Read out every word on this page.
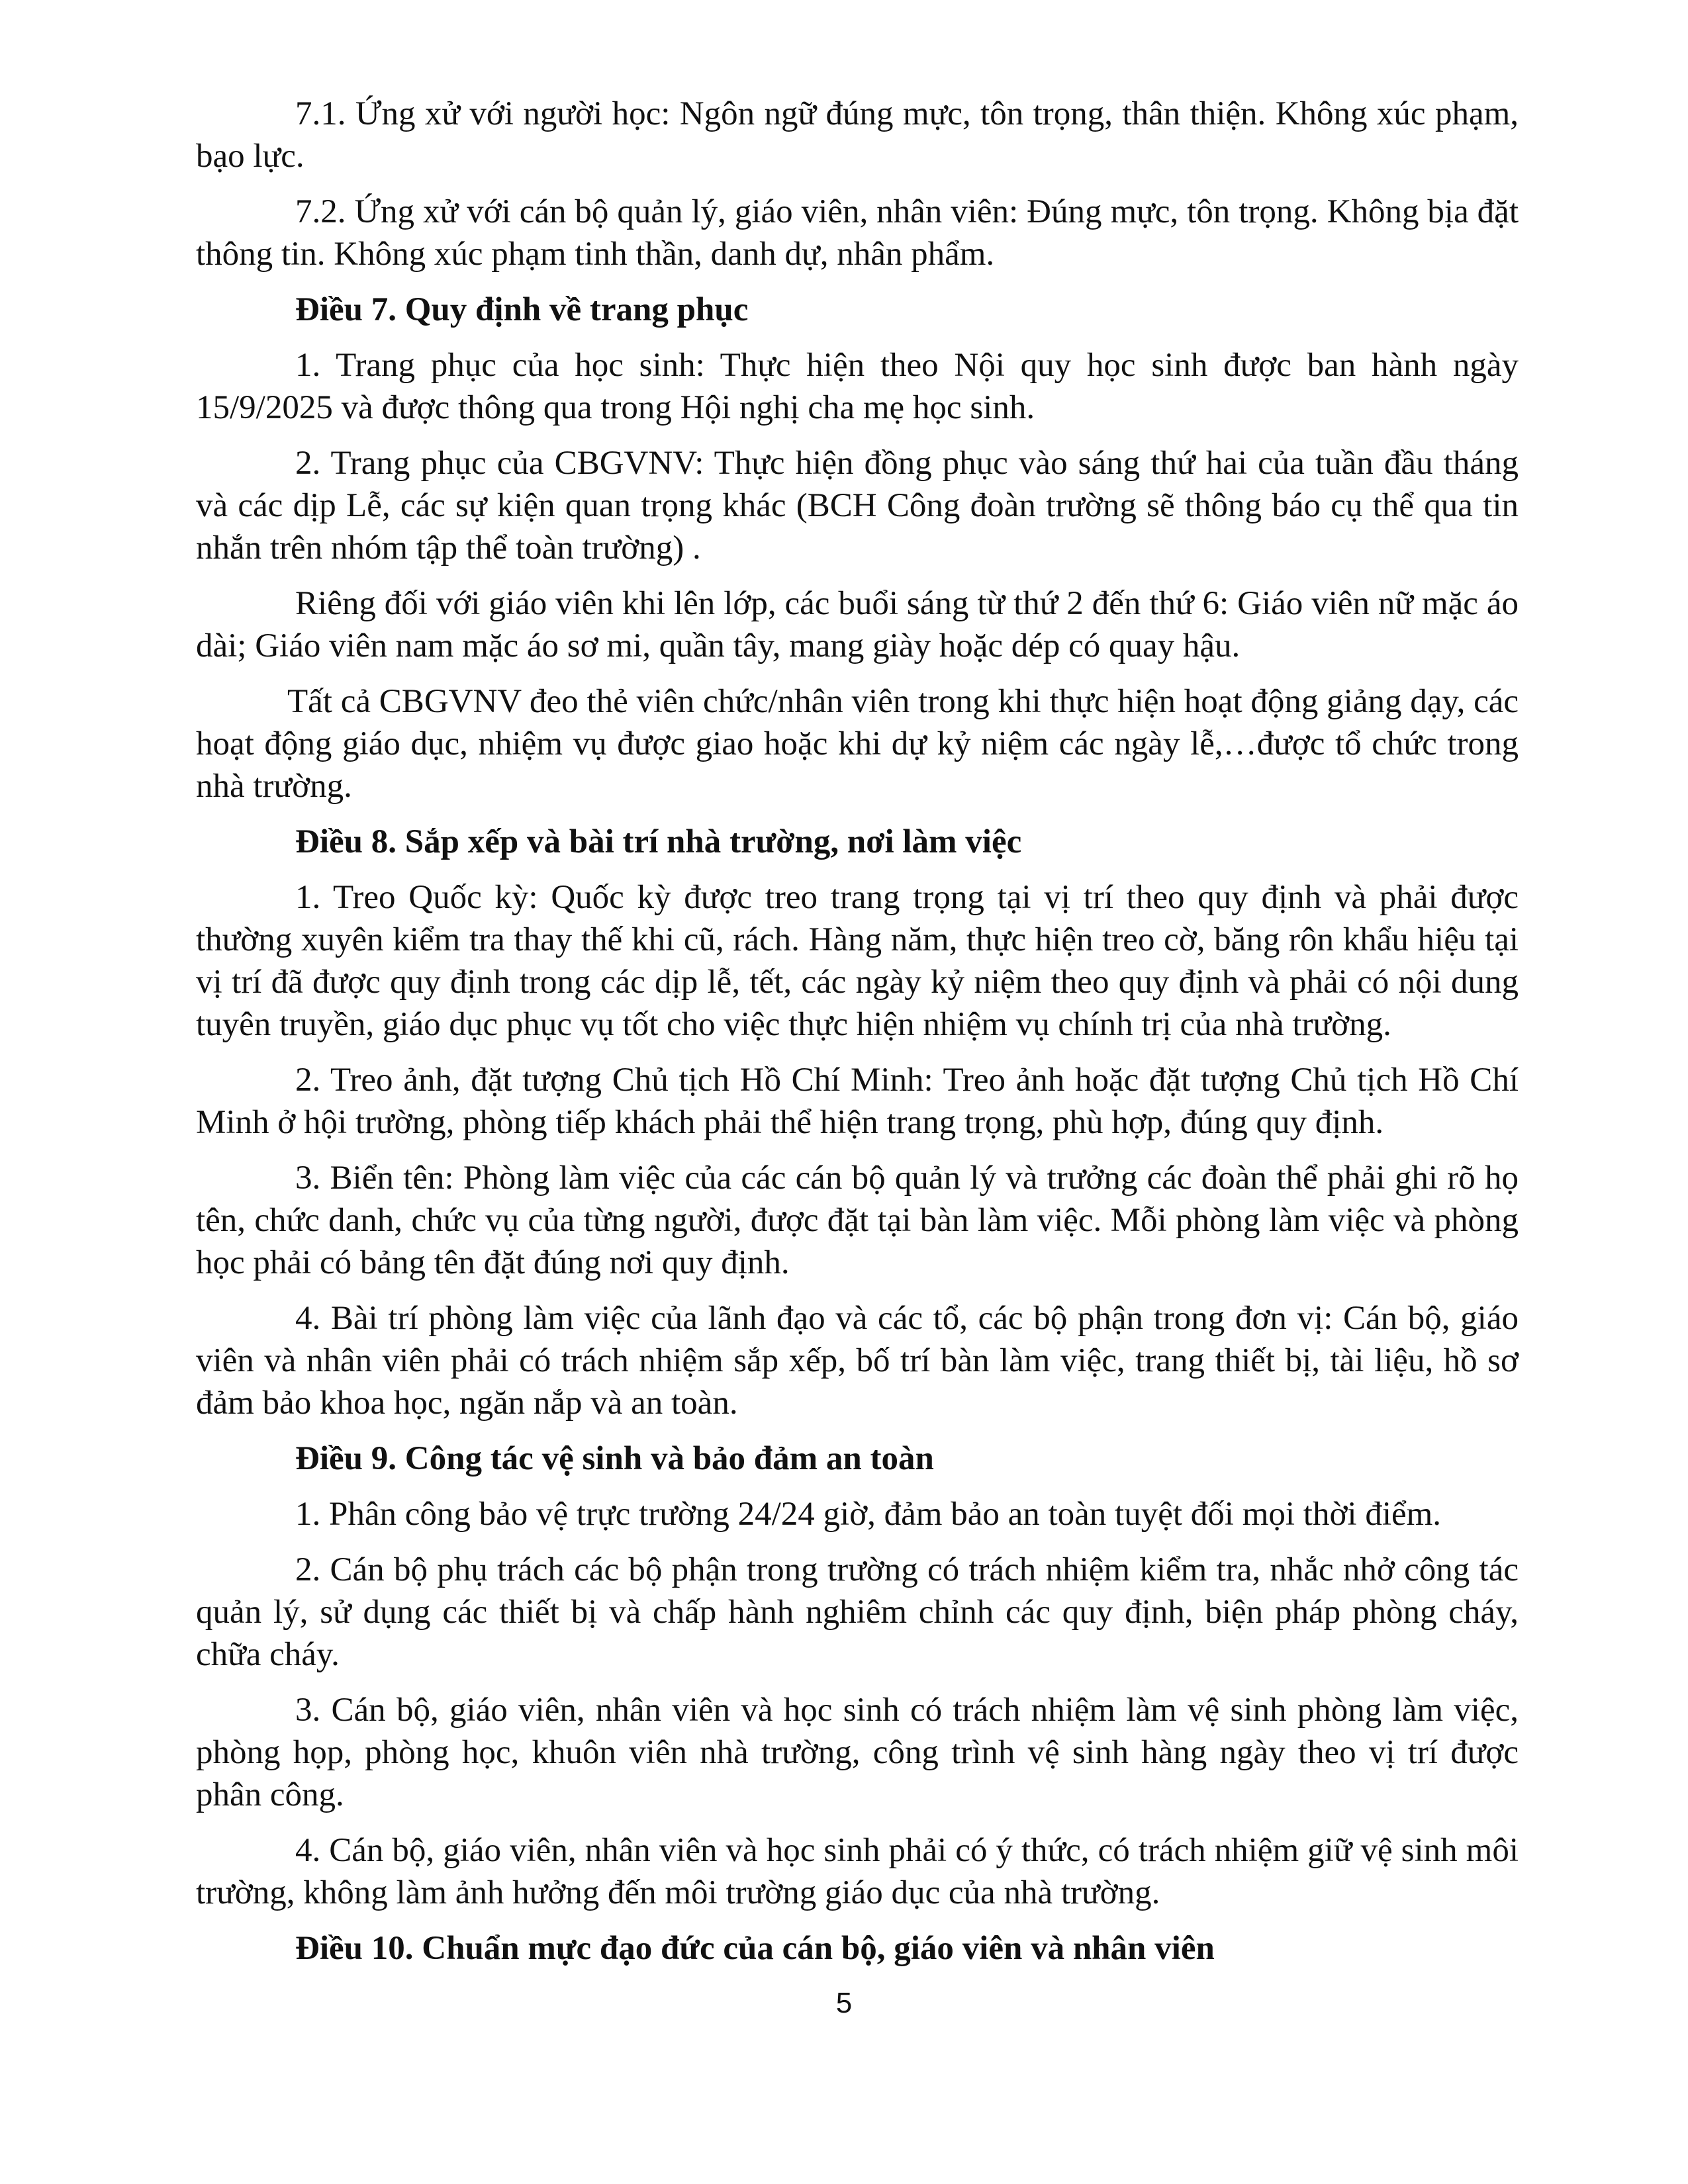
7.1. Ứng xử với người học: Ngôn ngữ đúng mực, tôn trọng, thân thiện. Không xúc phạm, bạo lực.

7.2. Ứng xử với cán bộ quản lý, giáo viên, nhân viên: Đúng mực, tôn trọng. Không bịa đặt thông tin. Không xúc phạm tinh thần, danh dự, nhân phẩm.

Điều 7. Quy định về trang phục

1. Trang phục của học sinh: Thực hiện theo Nội quy học sinh được ban hành ngày 15/9/2025 và được thông qua trong Hội nghị cha mẹ học sinh.

2. Trang phục của CBGVNV: Thực hiện đồng phục vào sáng thứ hai của tuần đầu tháng và các dịp Lễ, các sự kiện quan trọng khác (BCH Công đoàn trường sẽ thông báo cụ thể qua tin nhắn trên nhóm tập thể toàn trường) .

Riêng đối với giáo viên khi lên lớp, các buổi sáng từ thứ 2 đến thứ 6: Giáo viên nữ mặc áo dài; Giáo viên nam mặc áo sơ mi, quần tây, mang giày hoặc dép có quay hậu.

Tất cả CBGVNV đeo thẻ viên chức/nhân viên trong khi thực hiện hoạt động giảng dạy, các hoạt động giáo dục, nhiệm vụ được giao hoặc khi dự kỷ niệm các ngày lễ,…được tổ chức trong nhà trường.

Điều 8. Sắp xếp và bài trí nhà trường, nơi làm việc

1. Treo Quốc kỳ: Quốc kỳ được treo trang trọng tại vị trí theo quy định và phải được thường xuyên kiểm tra thay thế khi cũ, rách. Hàng năm, thực hiện treo cờ, băng rôn khẩu hiệu tại vị trí đã được quy định trong các dịp lễ, tết, các ngày kỷ niệm theo quy định và phải có nội dung tuyên truyền, giáo dục phục vụ tốt cho việc thực hiện nhiệm vụ chính trị của nhà trường.

2. Treo ảnh, đặt tượng Chủ tịch Hồ Chí Minh: Treo ảnh hoặc đặt tượng Chủ tịch Hồ Chí Minh ở hội trường, phòng tiếp khách phải thể hiện trang trọng, phù hợp, đúng quy định.

3. Biển tên: Phòng làm việc của các cán bộ quản lý và trưởng các đoàn thể phải ghi rõ họ tên, chức danh, chức vụ của từng người, được đặt tại bàn làm việc. Mỗi phòng làm việc và phòng học phải có bảng tên đặt đúng nơi quy định.

4. Bài trí phòng làm việc của lãnh đạo và các tổ, các bộ phận trong đơn vị: Cán bộ, giáo viên và nhân viên phải có trách nhiệm sắp xếp, bố trí bàn làm việc, trang thiết bị, tài liệu, hồ sơ đảm bảo khoa học, ngăn nắp và an toàn.

Điều 9. Công tác vệ sinh và bảo đảm an toàn

1. Phân công bảo vệ trực trường 24/24 giờ, đảm bảo an toàn tuyệt đối mọi thời điểm.

2. Cán bộ phụ trách các bộ phận trong trường có trách nhiệm kiểm tra, nhắc nhở công tác quản lý, sử dụng các thiết bị và chấp hành nghiêm chỉnh các quy định, biện pháp phòng cháy, chữa cháy.

3. Cán bộ, giáo viên, nhân viên và học sinh có trách nhiệm làm vệ sinh phòng làm việc, phòng họp, phòng học, khuôn viên nhà trường, công trình vệ sinh hàng ngày theo vị trí được phân công.

4. Cán bộ, giáo viên, nhân viên và học sinh phải có ý thức, có trách nhiệm giữ vệ sinh môi trường, không làm ảnh hưởng đến môi trường giáo dục của nhà trường.

Điều 10. Chuẩn mực đạo đức của cán bộ, giáo viên và nhân viên

5
